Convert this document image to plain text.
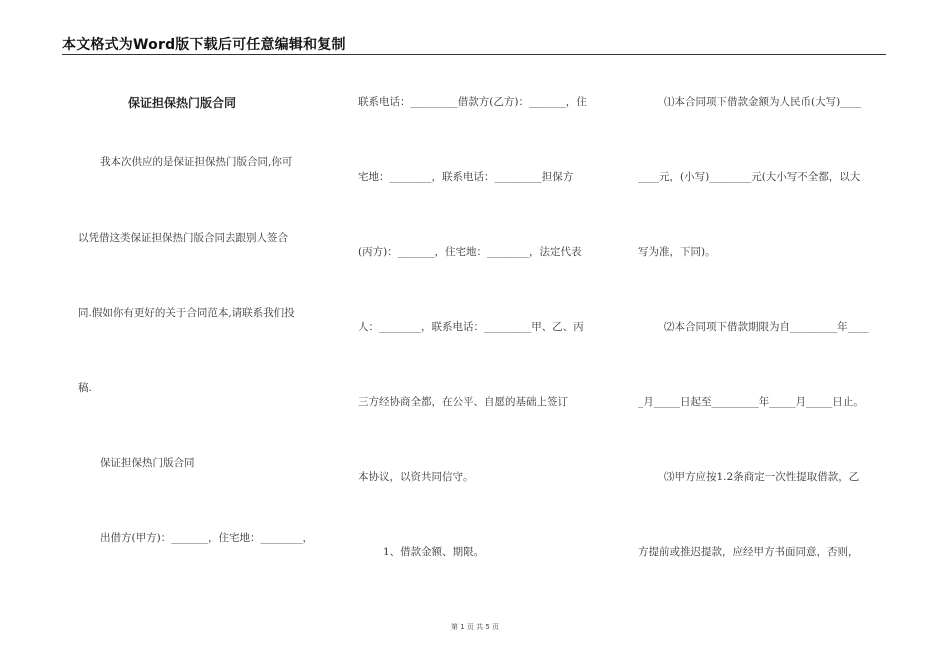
本文格式为Word版下载后可任意编辑和复制
保证担保热门版合同
我本次供应的是保证担保热门版合同,你可
以凭借这类保证担保热门版合同去跟别人签合
同.假如你有更好的关于合同范本,请联系我们投
稿.
保证担保热门版合同
出借方(甲方)：_______，住宅地：________，
联系电话：_________借款方(乙方)：_______，住
宅地：________，联系电话：_________担保方
(丙方)：_______，住宅地：________，法定代表
人：________，联系电话：_________甲、乙、丙
三方经协商全都，在公平、自愿的基础上签订
本协议，以资共同信守。
1、借款金额、期限。
⑴本合同项下借款金额为人民币(大写)____
____元，(小写)________元(大小写不全都，以大
写为准，下同)。
⑵本合同项下借款期限为自_________年____
_月_____日起至_________年_____月_____日止。
⑶甲方应按1.2条商定一次性提取借款，乙
方提前或推迟提款，应经甲方书面同意，否则，
第 1 页 共 5 页
